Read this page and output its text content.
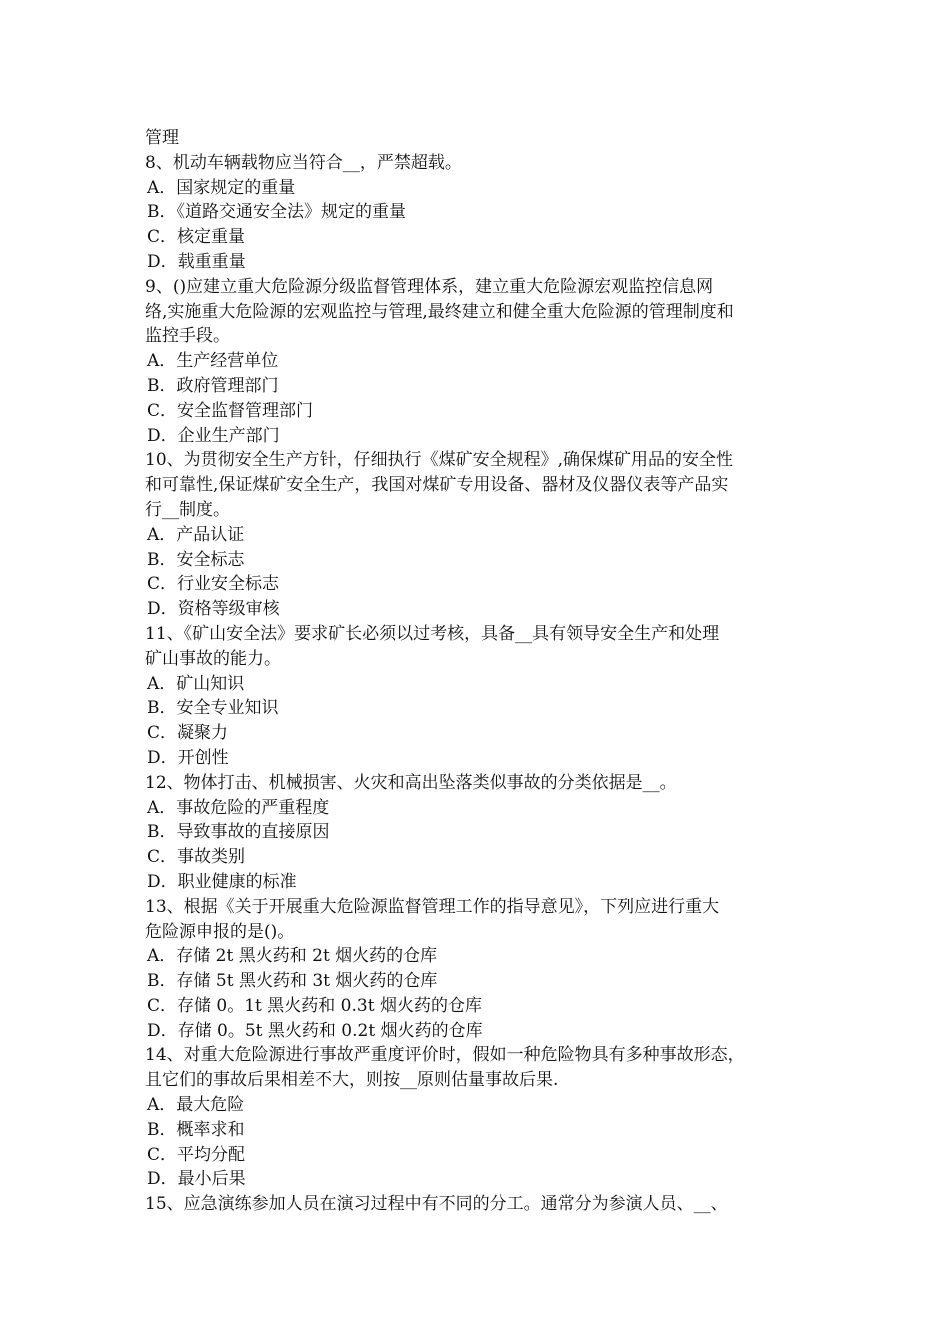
管理
8、机动车辆载物应当符合__，严禁超载。
A．国家规定的重量
B．《道路交通安全法》规定的重量
C．核定重量
D．载重重量
9、()应建立重大危险源分级监督管理体系，建立重大危险源宏观监控信息网
络,实施重大危险源的宏观监控与管理,最终建立和健全重大危险源的管理制度和
监控手段。
A．生产经营单位
B．政府管理部门
C．安全监督管理部门
D．企业生产部门
10、为贯彻安全生产方针，仔细执行《煤矿安全规程》,确保煤矿用品的安全性
和可靠性,保证煤矿安全生产，我国对煤矿专用设备、器材及仪器仪表等产品实
行__制度。
A．产品认证
B．安全标志
C．行业安全标志
D．资格等级审核
11、《矿山安全法》要求矿长必须以过考核，具备__具有领导安全生产和处理
矿山事故的能力。
A．矿山知识
B．安全专业知识
C．凝聚力
D．开创性
12、物体打击、机械损害、火灾和高出坠落类似事故的分类依据是__。
A．事故危险的严重程度
B．导致事故的直接原因
C．事故类别
D．职业健康的标准
13、根据《关于开展重大危险源监督管理工作的指导意见》，下列应进行重大
危险源申报的是()。
A．存储 2t 黑火药和 2t 烟火药的仓库
B．存储 5t 黑火药和 3t 烟火药的仓库
C．存储 0。1t 黑火药和 0.3t 烟火药的仓库
D．存储 0。5t 黑火药和 0.2t 烟火药的仓库
14、对重大危险源进行事故严重度评价时，假如一种危险物具有多种事故形态，
且它们的事故后果相差不大，则按__原则估量事故后果.
A．最大危险
B．概率求和
C．平均分配
D．最小后果
15、应急演练参加人员在演习过程中有不同的分工。通常分为参演人员、__、
